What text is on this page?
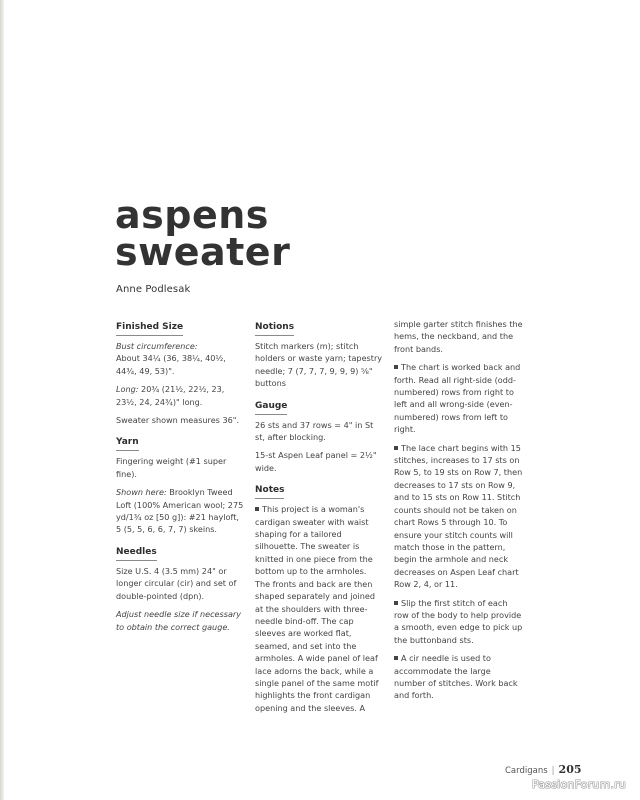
aspens
sweater
Anne Podlesak
Finished Size

Bust circumference:
About 34¼ (36, 38¼, 40½, 44¾, 49, 53)".

Long: 20¾ (21½, 22½, 23, 23½, 24, 24¾)" long.

Sweater shown measures 36".

Yarn

Fingering weight (#1 super fine).

Shown here: Brooklyn Tweed Loft (100% American wool; 275 yd/1¾ oz [50 g]): #21 hayloft, 5 (5, 5, 6, 6, 7, 7) skeins.

Needles

Size U.S. 4 (3.5 mm) 24" or longer circular (cir) and set of double-pointed (dpn).

Adjust needle size if necessary to obtain the correct gauge.

Notions

Stitch markers (m); stitch holders or waste yarn; tapestry needle; 7 (7, 7, 7, 9, 9, 9) ⅝" buttons

Gauge

26 sts and 37 rows = 4" in St st, after blocking.

15-st Aspen Leaf panel = 2½" wide.

Notes

This project is a woman's cardigan sweater with waist shaping for a tailored silhouette. The sweater is knitted in one piece from the bottom up to the armholes. The fronts and back are then shaped separately and joined at the shoulders with three-needle bind-off. The cap sleeves are worked flat, seamed, and set into the armholes. A wide panel of leaf lace adorns the back, while a single panel of the same motif highlights the front cardigan opening and the sleeves. A

simple garter stitch finishes the hems, the neckband, and the front bands.

The chart is worked back and forth. Read all right-side (odd-numbered) rows from right to left and all wrong-side (even-numbered) rows from left to right.

The lace chart begins with 15 stitches, increases to 17 sts on Row 5, to 19 sts on Row 7, then decreases to 17 sts on Row 9, and to 15 sts on Row 11. Stitch counts should not be taken on chart Rows 5 through 10. To ensure your stitch counts will match those in the pattern, begin the armhole and neck decreases on Aspen Leaf chart Row 2, 4, or 11.

Slip the first stitch of each row of the body to help provide a smooth, even edge to pick up the buttonband sts.

A cir needle is used to accommodate the large number of stitches. Work back and forth.

Cardigans | 205
PassionForum.ru
